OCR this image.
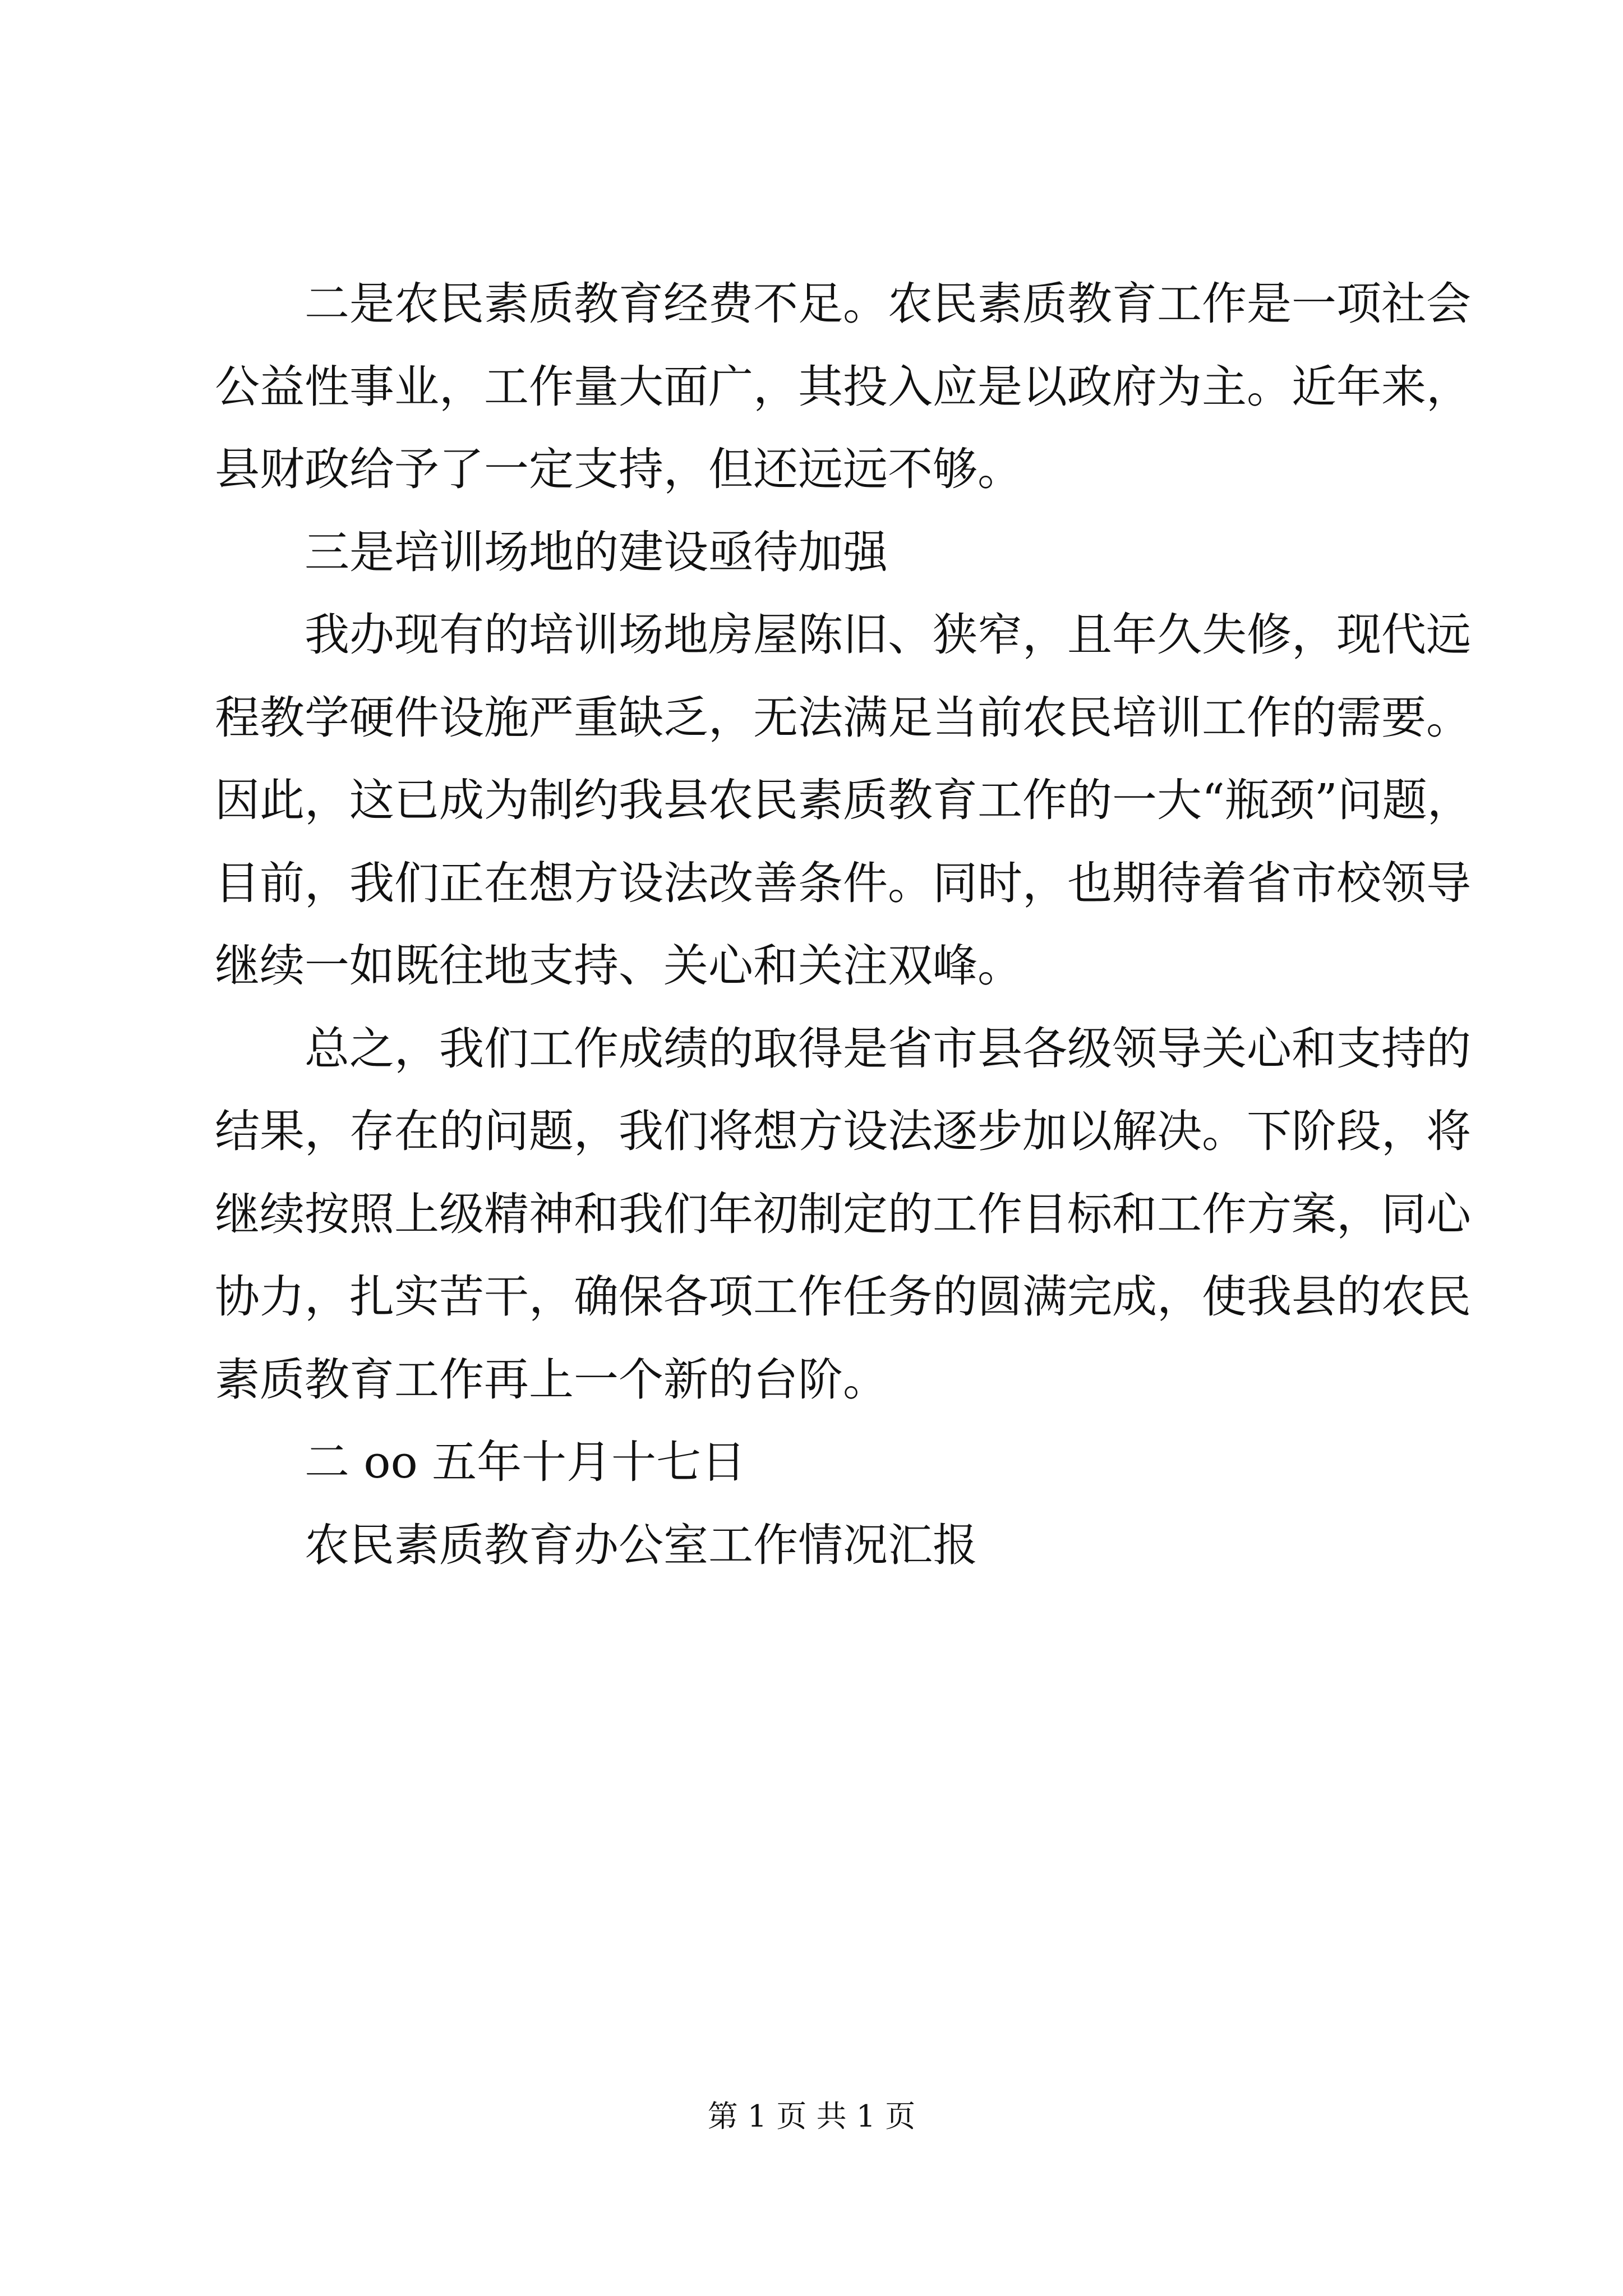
二是农民素质教育经费不足。农民素质教育工作是一项社会
公益性事业，工作量大面广，其投入应是以政府为主。近年来，
县财政给予了一定支持，但还远远不够。
三是培训场地的建设亟待加强
我办现有的培训场地房屋陈旧、狭窄，且年久失修，现代远
程教学硬件设施严重缺乏，无法满足当前农民培训工作的需要。
因此，这已成为制约我县农民素质教育工作的一大“瓶颈”问题，
目前，我们正在想方设法改善条件。同时，也期待着省市校领导
继续一如既往地支持、关心和关注双峰。
总之，我们工作成绩的取得是省市县各级领导关心和支持的
结果，存在的问题，我们将想方设法逐步加以解决。下阶段，将
继续按照上级精神和我们年初制定的工作目标和工作方案，同心
协力，扎实苦干，确保各项工作任务的圆满完成，使我县的农民
素质教育工作再上一个新的台阶。
二 oo 五年十月十七日
农民素质教育办公室工作情况汇报
第 1 页 共 1 页
